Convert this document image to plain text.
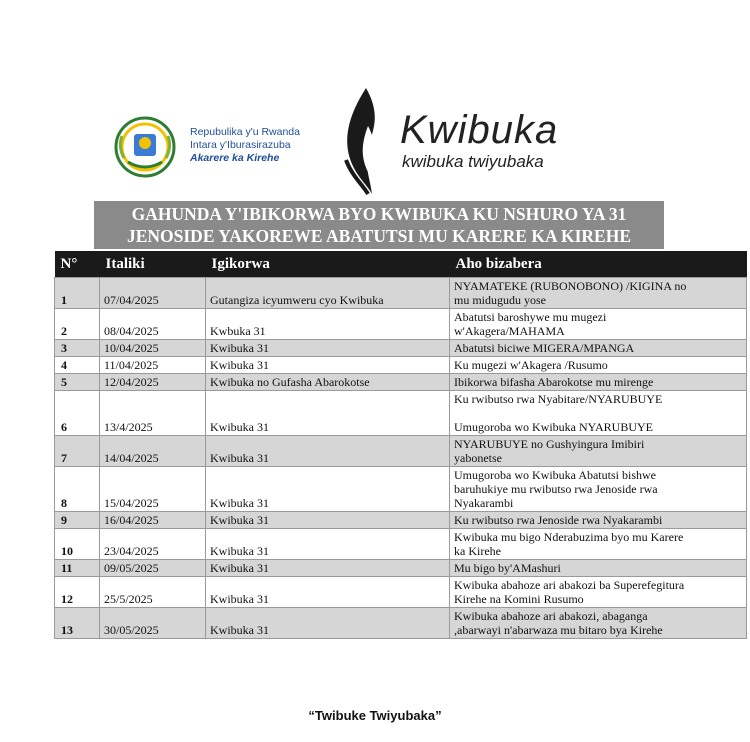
Repubulika y'u Rwanda
Intara y'Iburasirazuba
Akarere ka Kirehe
Kwibuka
kwibuka twiyubaka
GAHUNDA Y'IBIKORWA BYO KWIBUKA KU NSHURO YA 31
JENOSIDE YAKOREWE ABATUTSI MU KARERE KA KIREHE
N°	Italiki	Igikorwa	Aho bizabera
1	07/04/2025	Gutangiza icyumweru cyo Kwibuka	NYAMATEKE (RUBONOBONO) /KIGINA no
mu midugudu yose

2	08/04/2025	Kwbuka 31	Abatutsi baroshywe mu mugezi
w'Akagera/MAHAMA

3	10/04/2025	Kwibuka 31	Abatutsi biciwe MIGERA/MPANGA

4	11/04/2025	Kwibuka 31	Ku mugezi w'Akagera /Rusumo

5	12/04/2025	Kwibuka no Gufasha Abarokotse	Ibikorwa bifasha Abarokotse mu mirenge

6	13/4/2025	Kwibuka 31	Ku rwibutso rwa Nyabitare/NYARUBUYE

Umugoroba wo Kwibuka NYARUBUYE

7	14/04/2025	Kwibuka 31	NYARUBUYE no Gushyingura Imibiri
yabonetse

8	15/04/2025	Kwibuka 31	Umugoroba wo Kwibuka Abatutsi bishwe
baruhukiye mu rwibutso rwa Jenoside rwa
Nyakarambi

9	16/04/2025	Kwibuka 31	Ku rwibutso rwa Jenoside rwa Nyakarambi

10	23/04/2025	Kwibuka 31	Kwibuka mu bigo Nderabuzima byo mu Karere
ka Kirehe

11	09/05/2025	Kwibuka 31	Mu bigo by'AMashuri

12	25/5/2025	Kwibuka 31	Kwibuka abahoze ari abakozi ba Superefegitura
Kirehe na Komini Rusumo

13	30/05/2025	Kwibuka 31	Kwibuka abahoze ari abakozi, abaganga
,abarwayi n'abarwaza mu bitaro bya Kirehe
“Twibuke Twiyubaka”
